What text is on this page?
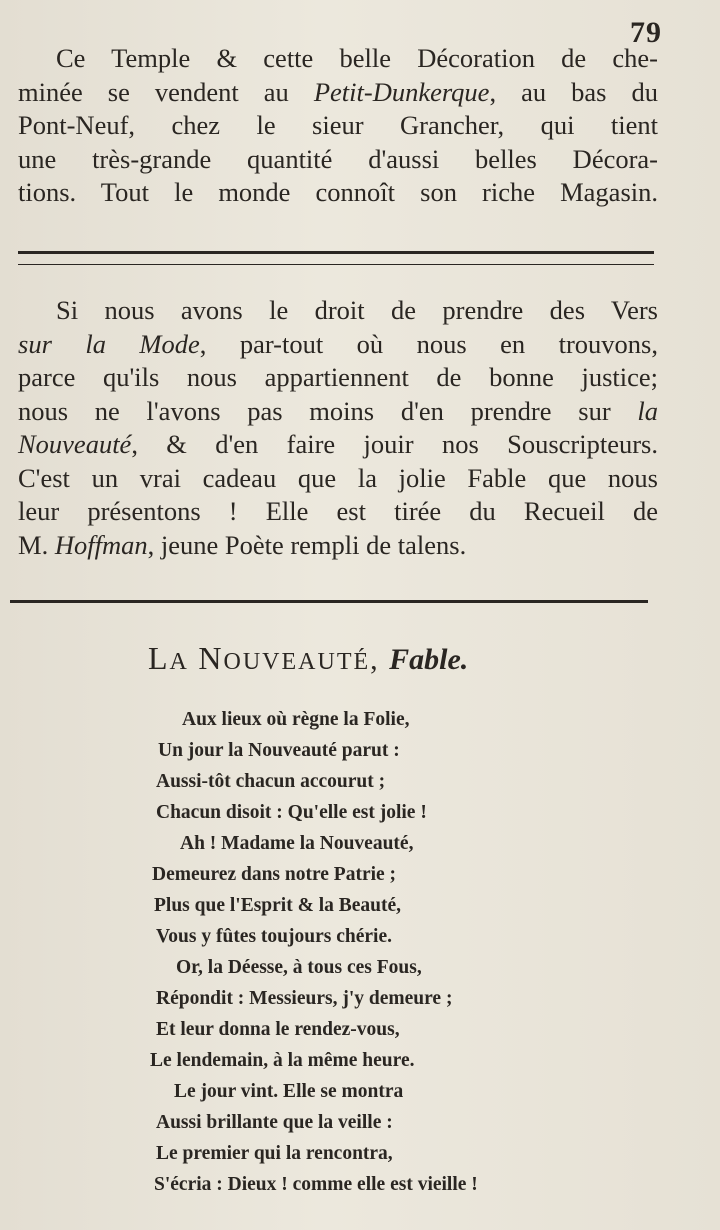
79
Ce Temple & cette belle Décoration de che-
minée se vendent au Petit-Dunkerque, au bas du
Pont-Neuf, chez le sieur Grancher, qui tient
une très-grande quantité d'aussi belles Décora-
tions. Tout le monde connoît son riche Magasin.
Si nous avons le droit de prendre des Vers
sur la Mode, par-tout où nous en trouvons,
parce qu'ils nous appartiennent de bonne justice;
nous ne l'avons pas moins d'en prendre sur la
Nouveauté, & d'en faire jouir nos Souscripteurs.
C'est un vrai cadeau que la jolie Fable que nous
leur présentons ! Elle est tirée du Recueil de
M. Hoffman, jeune Poète rempli de talens.
LA NOUVEAUTÉ, Fable.
Aux lieux où règne la Folie,
Un jour la Nouveauté parut :
Aussi-tôt chacun accourut ;
Chacun disoit : Qu'elle est jolie !
Ah ! Madame la Nouveauté,
Demeurez dans notre Patrie ;
Plus que l'Esprit & la Beauté,
Vous y fûtes toujours chérie.
Or, la Déesse, à tous ces Fous,
Répondit : Messieurs, j'y demeure ;
Et leur donna le rendez-vous,
Le lendemain, à la même heure.
Le jour vint. Elle se montra
Aussi brillante que la veille :
Le premier qui la rencontra,
S'écria : Dieux ! comme elle est vieille !
